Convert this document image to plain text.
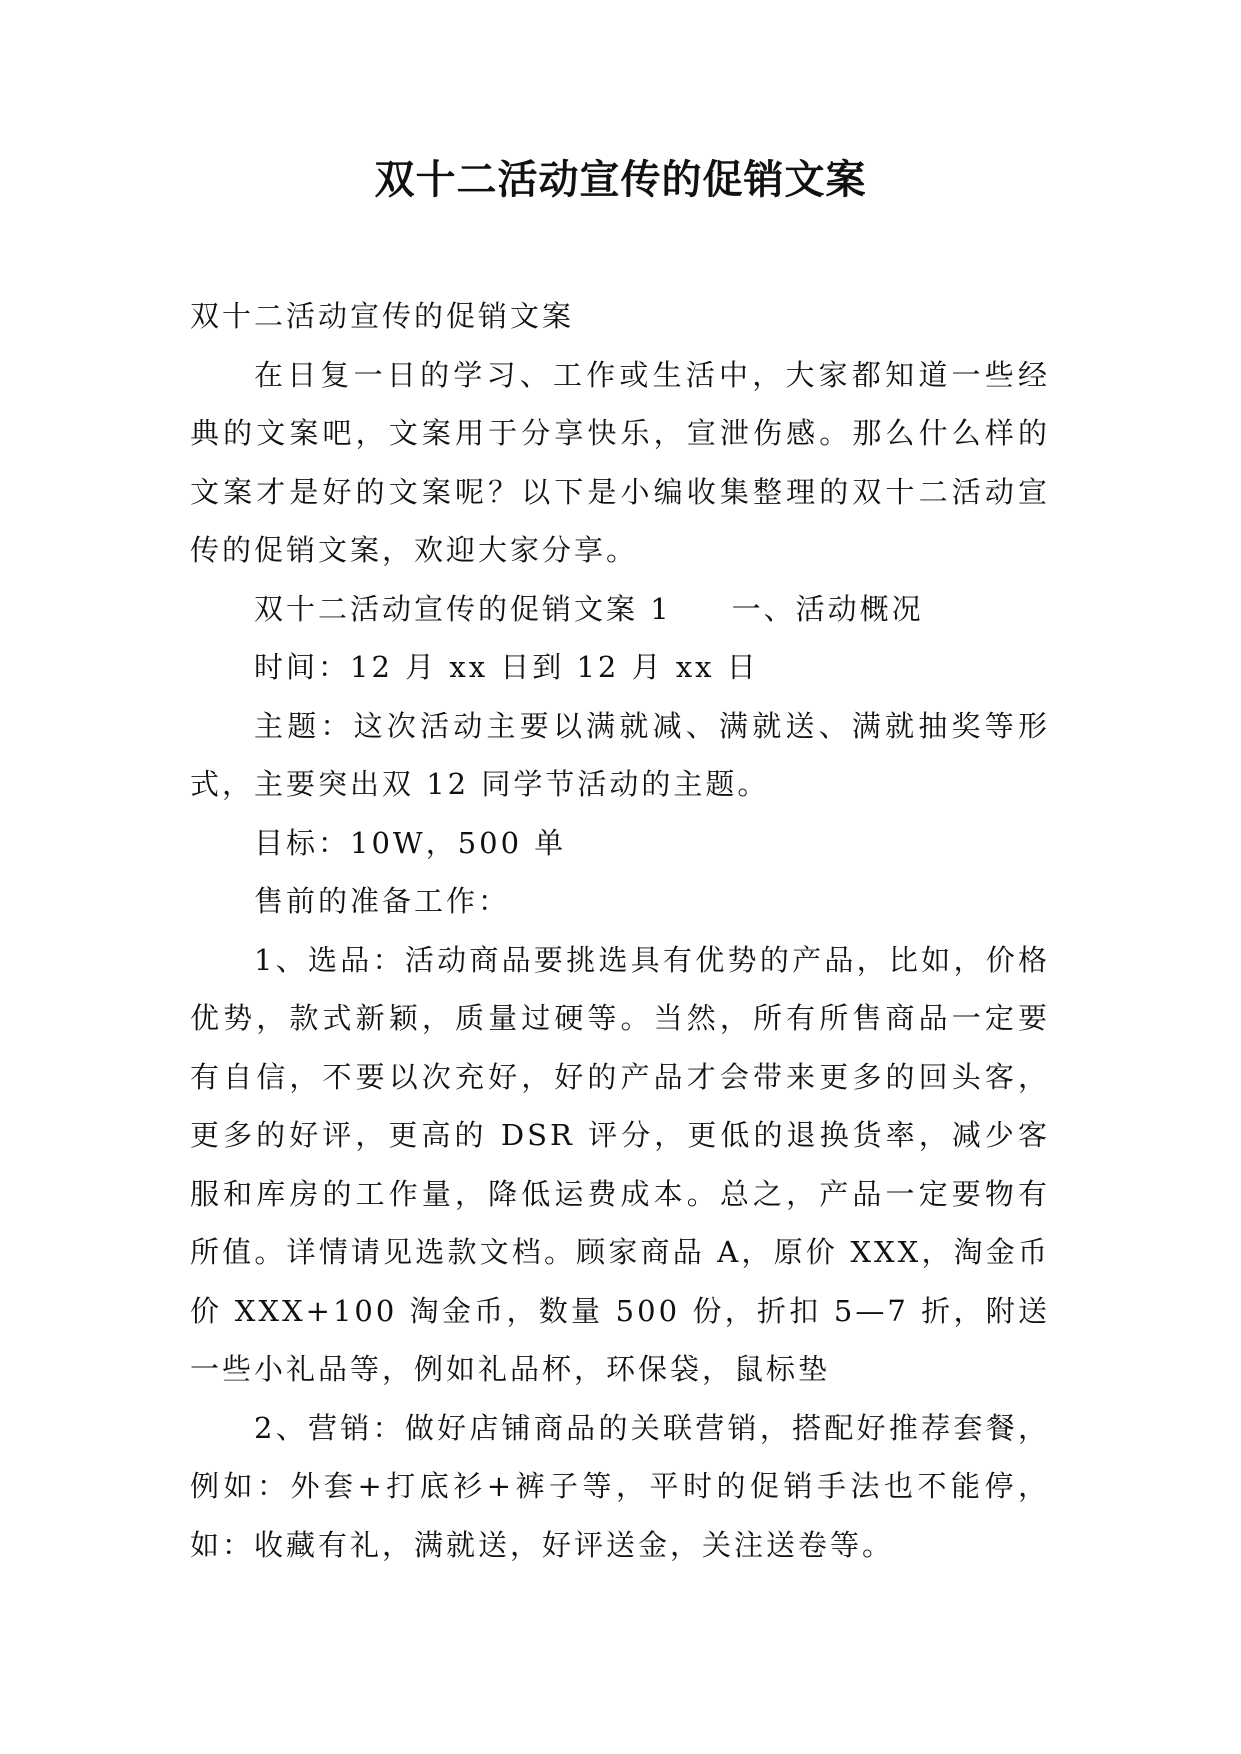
双十二活动宣传的促销文案

双十二活动宣传的促销文案

在日复一日的学习、工作或生活中，大家都知道一些经典的文案吧，文案用于分享快乐，宣泄伤感。那么什么样的文案才是好的文案呢？以下是小编收集整理的双十二活动宣传的促销文案，欢迎大家分享。

双十二活动宣传的促销文案 1 一、活动概况

时间：12 月 xx 日到 12 月 xx 日

主题：这次活动主要以满就减、满就送、满就抽奖等形式，主要突出双 12 同学节活动的主题。

目标：10W，500 单

售前的准备工作：

1、选品：活动商品要挑选具有优势的产品，比如，价格优势，款式新颖，质量过硬等。当然，所有所售商品一定要有自信，不要以次充好，好的产品才会带来更多的回头客，更多的好评，更高的 DSR 评分，更低的退换货率，减少客服和库房的工作量，降低运费成本。总之，产品一定要物有所值。详情请见选款文档。顾家商品 A，原价 XXX，淘金币价 XXX+100 淘金币，数量 500 份，折扣 5—7 折，附送一些小礼品等，例如礼品杯，环保袋，鼠标垫

2、营销：做好店铺商品的关联营销，搭配好推荐套餐，例如：外套+打底衫+裤子等，平时的促销手法也不能停，如：收藏有礼，满就送，好评送金，关注送卷等。
